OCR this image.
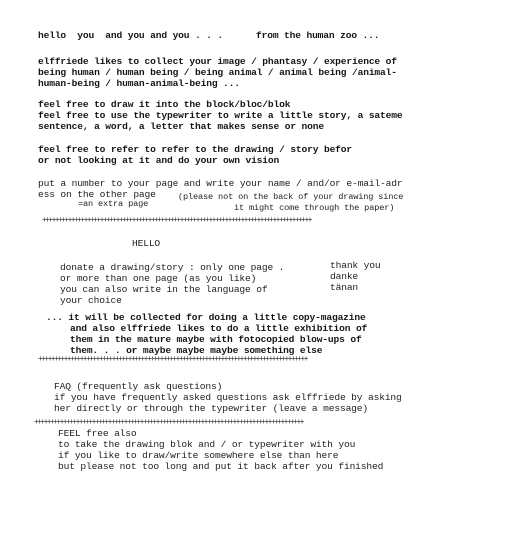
hello  you  and you and you . . .	from the human zoo ...
elffriede likes to collect your image / phantasy / experience of
being human / human being / being animal / animal being /animal-
human-being / human-animal-being ...
feel free to draw it into the block/bloc/blok
feel free to use the typewriter to write a little story, a sateme
sentence, a word, a letter that makes sense or none
feel free to refer to refer to the drawing / story befor
or not looking at it and do your own vision
put a number to your page and write your name / and/or e-mail-adr
ess on the other page	(please not on the back of your drawing since
=an extra page	it might come through the paper)
++++++++++++++++++++++++++++++++++++++++++++++++++++++++++++++++++++++++++++++++++++
HELLO
donate a drawing/story : only one page .
or more than one page (as you like)
you can also write in the language of
your choice
thank you
danke
tänan
... it will be collected for doing a little copy-magazine
and also elffriede likes to do a little exhibition of
them in the mature maybe with fotocopied blow-ups of
them. . . or maybe maybe maybe something else
++++++++++++++++++++++++++++++++++++++++++++++++++++++++++++++++++++++++++++++++++++
FAQ (frequently ask questions)
if you have frequently asked questions ask elffriede by asking
her directly or through the typewriter (leave a message)
++++++++++++++++++++++++++++++++++++++++++++++++++++++++++++++++++++++++++++++++++++
FEEL free also
to take the drawing blok and / or typewriter with you
if you like to draw/write somewhere else than here
but please not too long and put it back after you finished
